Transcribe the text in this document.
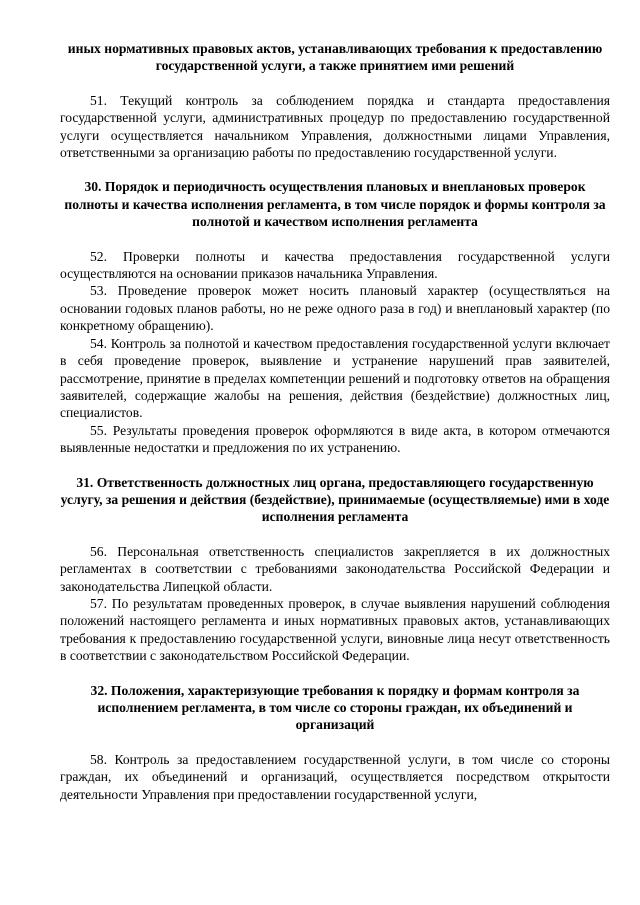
иных нормативных правовых актов, устанавливающих требования к предоставлению государственной услуги, а также принятием ими решений

51. Текущий контроль за соблюдением порядка и стандарта предоставления государственной услуги, административных процедур по предоставлению государственной услуги осуществляется начальником Управления, должностными лицами Управления, ответственными за организацию работы по предоставлению государственной услуги.

30. Порядок и периодичность осуществления плановых и внеплановых проверок полноты и качества исполнения регламента, в том числе порядок и формы контроля за полнотой и качеством исполнения регламента

52. Проверки полноты и качества предоставления государственной услуги осуществляются на основании приказов начальника Управления.

53. Проведение проверок может носить плановый характер (осуществляться на основании годовых планов работы, но не реже одного раза в год) и внеплановый характер (по конкретному обращению).

54. Контроль за полнотой и качеством предоставления государственной услуги включает в себя проведение проверок, выявление и устранение нарушений прав заявителей, рассмотрение, принятие в пределах компетенции решений и подготовку ответов на обращения заявителей, содержащие жалобы на решения, действия (бездействие) должностных лиц, специалистов.

55. Результаты проведения проверок оформляются в виде акта, в котором отмечаются выявленные недостатки и предложения по их устранению.

31. Ответственность должностных лиц органа, предоставляющего государственную услугу, за решения и действия (бездействие), принимаемые (осуществляемые) ими в ходе исполнения регламента

56. Персональная ответственность специалистов закрепляется в их должностных регламентах в соответствии с требованиями законодательства Российской Федерации и законодательства Липецкой области.

57. По результатам проведенных проверок, в случае выявления нарушений соблюдения положений настоящего регламента и иных нормативных правовых актов, устанавливающих требования к предоставлению государственной услуги, виновные лица несут ответственность в соответствии с законодательством Российской Федерации.

32. Положения, характеризующие требования к порядку и формам контроля за исполнением регламента, в том числе со стороны граждан, их объединений и организаций

58. Контроль за предоставлением государственной услуги, в том числе со стороны граждан, их объединений и организаций, осуществляется посредством открытости деятельности Управления при предоставлении государственной услуги,
